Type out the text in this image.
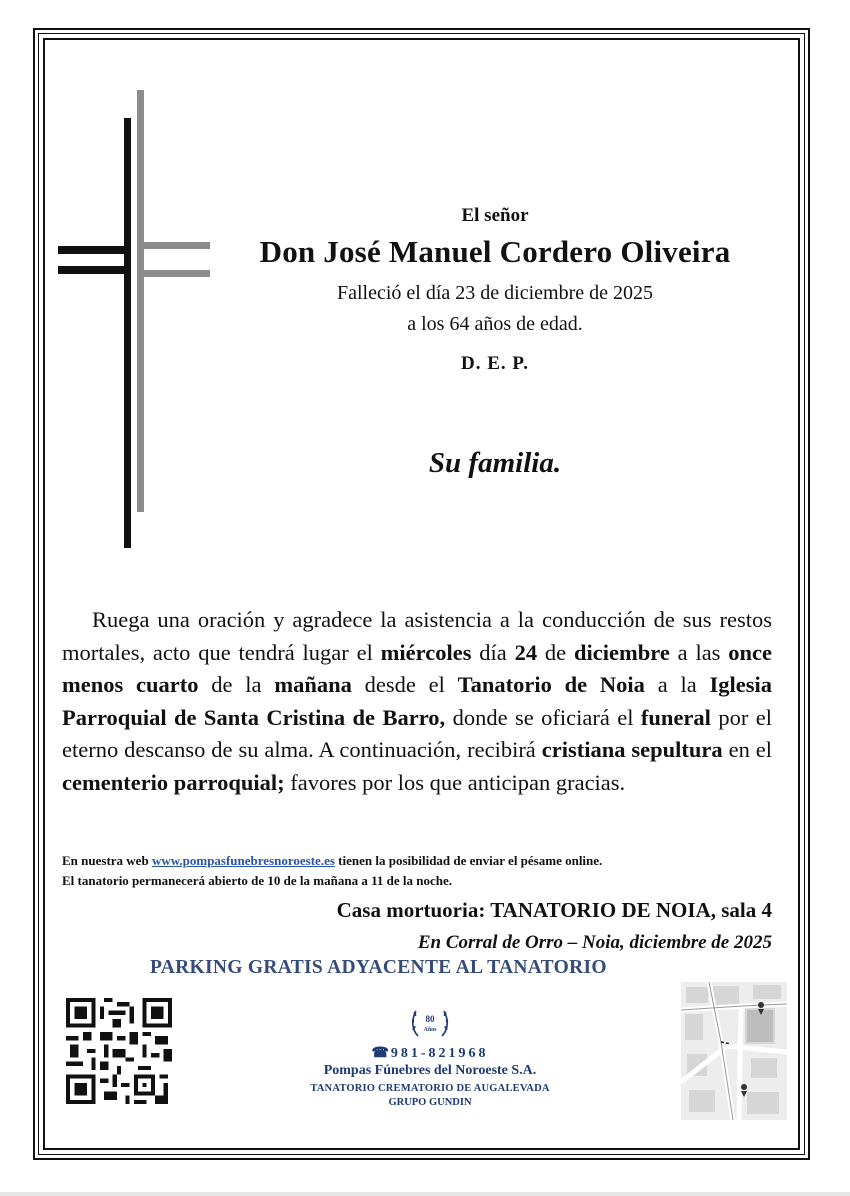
El señor
Don José Manuel Cordero Oliveira
Falleció el día 23 de diciembre de 2025
a los 64 años de edad.
D. E. P.
Su familia.
Ruega una oración y agradece la asistencia a la conducción de sus restos mortales, acto que tendrá lugar el miércoles día 24 de diciembre a las once menos cuarto de la mañana desde el Tanatorio de Noia a la Iglesia Parroquial de Santa Cristina de Barro, donde se oficiará el funeral por el eterno descanso de su alma. A continuación, recibirá cristiana sepultura en el cementerio parroquial; favores por los que anticipan gracias.
En nuestra web www.pompasfunebresnoroeste.es tienen la posibilidad de enviar el pésame online.
El tanatorio permanecerá abierto de 10 de la mañana a 11 de la noche.
Casa mortuoria: TANATORIO DE NOIA, sala 4
En Corral de Orro – Noia, diciembre de 2025
PARKING GRATIS ADYACENTE AL TANATORIO
80
Años
☎ 981-821968
Pompas Fúnebres del Noroeste S.A.
TANATORIO CREMATORIO DE AUGALEVADA
GRUPO GUNDIN
